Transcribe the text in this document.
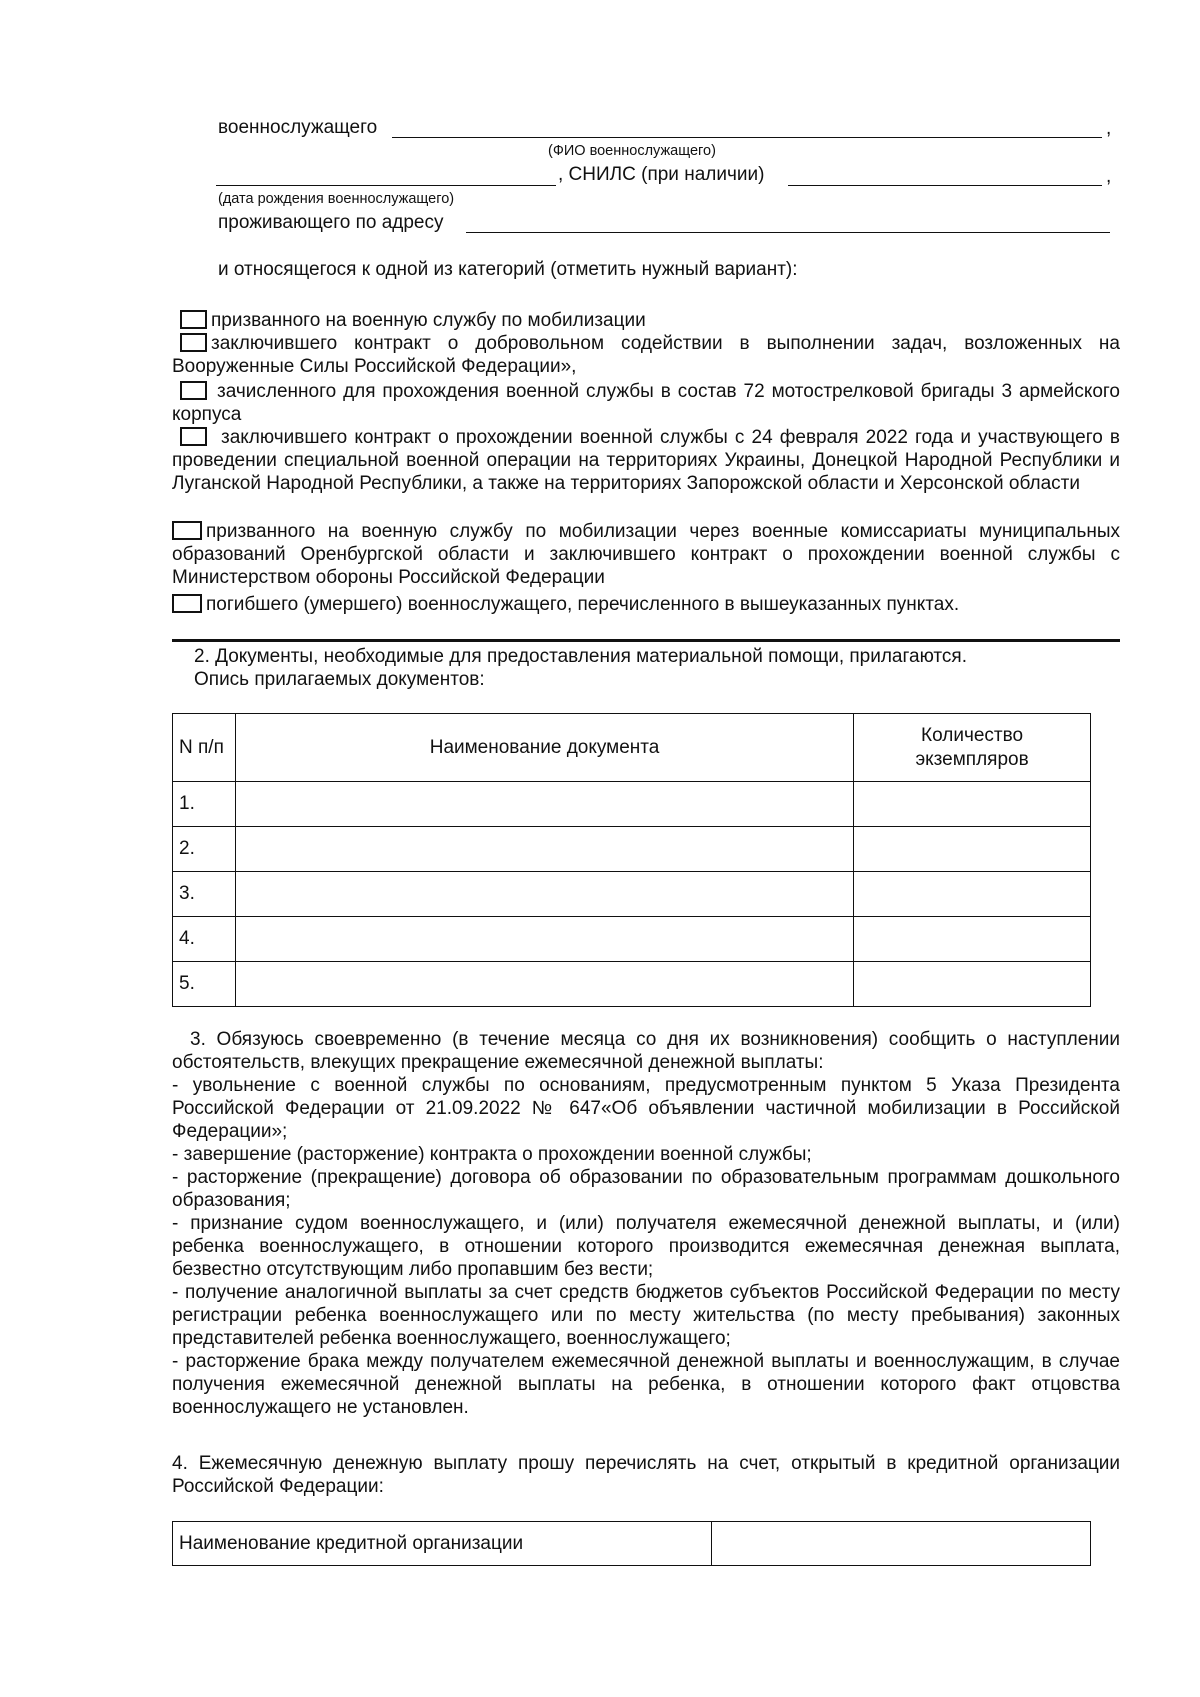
военнослужащего	,
(ФИО военнослужащего)
, СНИЛС (при наличии)	,
(дата рождения военнослужащего)
проживающего по адресу
и относящегося к одной из категорий (отметить нужный вариант):
призванного на военную службу по мобилизации
заключившего контракт о добровольном содействии в выполнении задач, возложенных на Вооруженные Силы Российской Федерации»,
зачисленного для прохождения военной службы в состав 72 мотострелковой бригады 3 армейского корпуса
заключившего контракт о прохождении военной службы с 24 февраля 2022 года и участвующего в проведении специальной военной операции на территориях Украины, Донецкой Народной Республики и Луганской Народной Республики, а также на территориях Запорожской области и Херсонской области
призванного на военную службу по мобилизации через военные комиссариаты муниципальных образований Оренбургской области и заключившего контракт о прохождении военной службы с Министерством обороны Российской Федерации
погибшего (умершего) военнослужащего, перечисленного в вышеуказанных пунктах.
2. Документы, необходимые для предоставления материальной помощи, прилагаются.
Опись прилагаемых документов:
N п/п	Наименование документа	Количество
экземпляров

1.		
2.		
3.		
4.		
5.		
3. Обязуюсь своевременно (в течение месяца со дня их возникновения) сообщить о наступлении обстоятельств, влекущих прекращение ежемесячной денежной выплаты:
- увольнение с военной службы по основаниям, предусмотренным пунктом 5 Указа Президента Российской Федерации от 21.09.2022 № 647«Об объявлении частичной мобилизации в Российской Федерации»;
- завершение (расторжение) контракта о прохождении военной службы;
- расторжение (прекращение) договора об образовании по образовательным программам дошкольного образования;
- признание судом военнослужащего, и (или) получателя ежемесячной денежной выплаты, и (или) ребенка военнослужащего, в отношении которого производится ежемесячная денежная выплата, безвестно отсутствующим либо пропавшим без вести;
- получение аналогичной выплаты за счет средств бюджетов субъектов Российской Федерации по месту регистрации ребенка военнослужащего или по месту жительства (по месту пребывания) законных представителей ребенка военнослужащего, военнослужащего;
- расторжение брака между получателем ежемесячной денежной выплаты и военнослужащим, в случае получения ежемесячной денежной выплаты на ребенка, в отношении которого факт отцовства военнослужащего не установлен.
4. Ежемесячную денежную выплату прошу перечислять на счет, открытый в кредитной организации Российской Федерации:
Наименование кредитной организации	
